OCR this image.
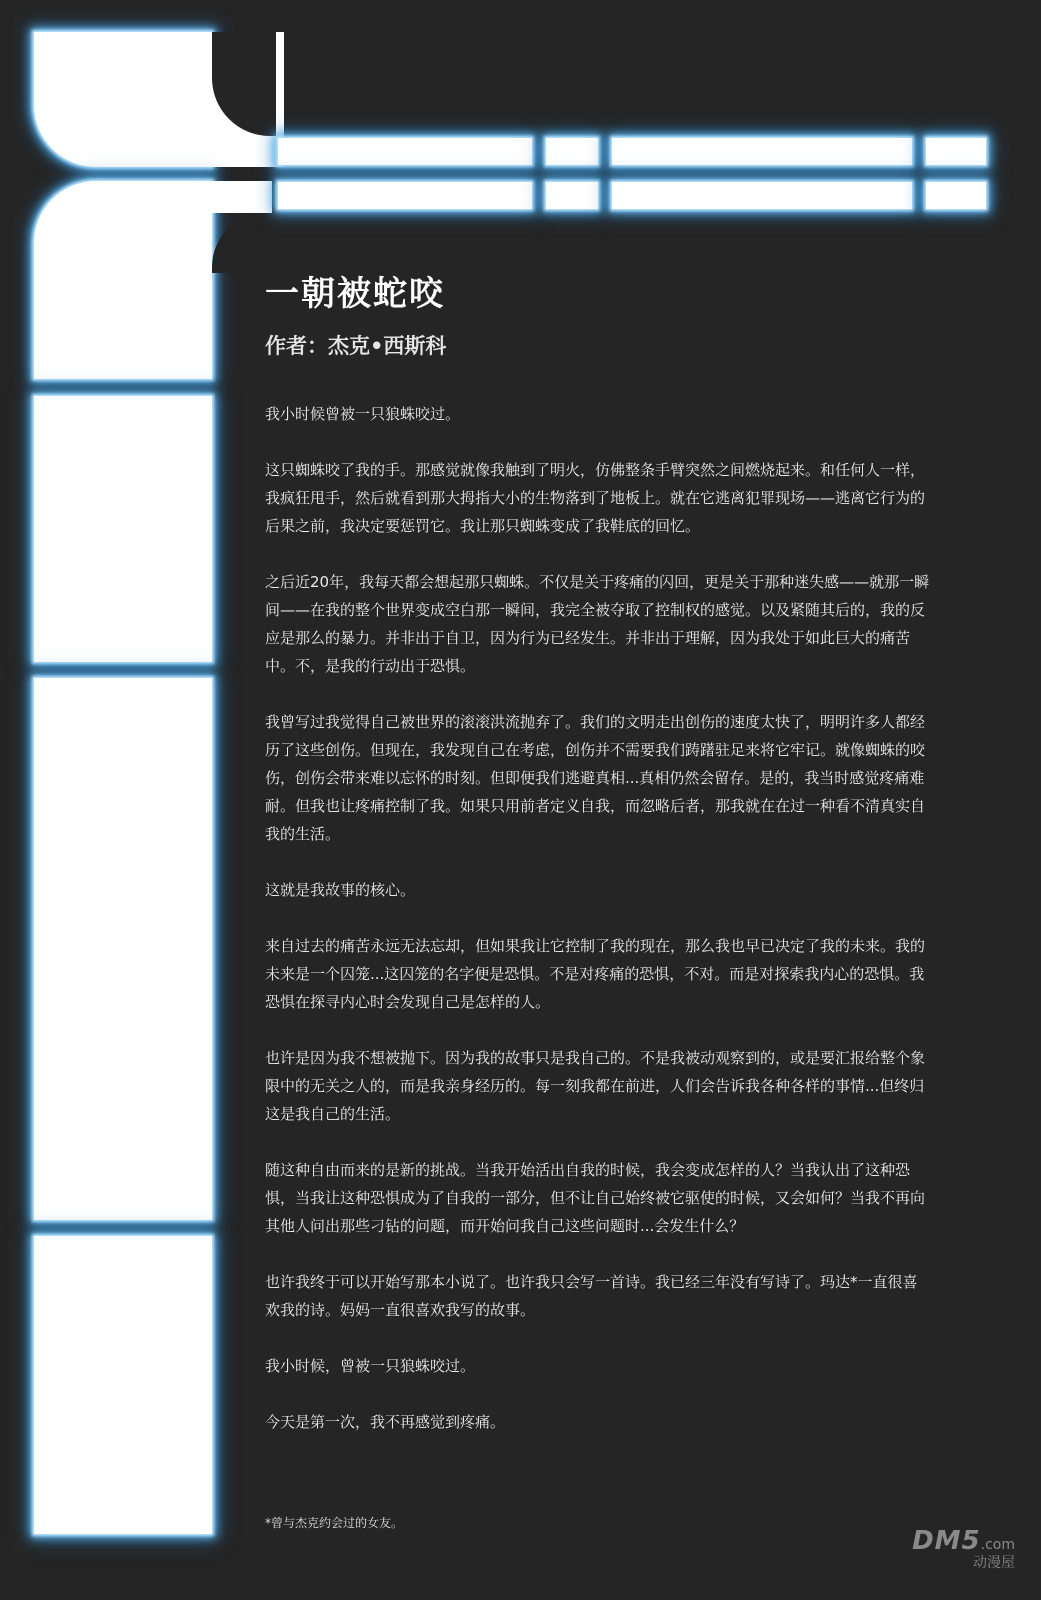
一朝被蛇咬
作者：杰克•西斯科

我小时候曾被一只狼蛛咬过。

这只蜘蛛咬了我的手。那感觉就像我触到了明火，仿佛整条手臂突然之间燃烧起来。和任何人一样，我疯狂甩手，然后就看到那大拇指大小的生物落到了地板上。就在它逃离犯罪现场——逃离它行为的后果之前，我决定要惩罚它。我让那只蜘蛛变成了我鞋底的回忆。

之后近20年，我每天都会想起那只蜘蛛。不仅是关于疼痛的闪回，更是关于那种迷失感——就那一瞬间——在我的整个世界变成空白那一瞬间，我完全被夺取了控制权的感觉。以及紧随其后的，我的反应是那么的暴力。并非出于自卫，因为行为已经发生。并非出于理解，因为我处于如此巨大的痛苦中。不，是我的行动出于恐惧。

我曾写过我觉得自己被世界的滚滚洪流抛弃了。我们的文明走出创伤的速度太快了，明明许多人都经历了这些创伤。但现在，我发现自己在考虑，创伤并不需要我们踌躇驻足来将它牢记。就像蜘蛛的咬伤，创伤会带来难以忘怀的时刻。但即便我们逃避真相...真相仍然会留存。是的，我当时感觉疼痛难耐。但我也让疼痛控制了我。如果只用前者定义自我，而忽略后者，那我就在在过一种看不清真实自我的生活。

这就是我故事的核心。

来自过去的痛苦永远无法忘却，但如果我让它控制了我的现在，那么我也早已决定了我的未来。我的未来是一个囚笼...这囚笼的名字便是恐惧。不是对疼痛的恐惧，不对。而是对探索我内心的恐惧。我恐惧在探寻内心时会发现自己是怎样的人。

也许是因为我不想被抛下。因为我的故事只是我自己的。不是我被动观察到的，或是要汇报给整个象限中的无关之人的，而是我亲身经历的。每一刻我都在前进，人们会告诉我各种各样的事情...但终归这是我自己的生活。

随这种自由而来的是新的挑战。当我开始活出自我的时候，我会变成怎样的人？当我认出了这种恐惧，当我让这种恐惧成为了自我的一部分，但不让自己始终被它驱使的时候，又会如何？当我不再向其他人问出那些刁钻的问题，而开始问我自己这些问题时...会发生什么？

也许我终于可以开始写那本小说了。也许我只会写一首诗。我已经三年没有写诗了。玛达*一直很喜欢我的诗。妈妈一直很喜欢我写的故事。

我小时候，曾被一只狼蛛咬过。

今天是第一次，我不再感觉到疼痛。

*曾与杰克约会过的女友。

DM5.com
动漫屋
